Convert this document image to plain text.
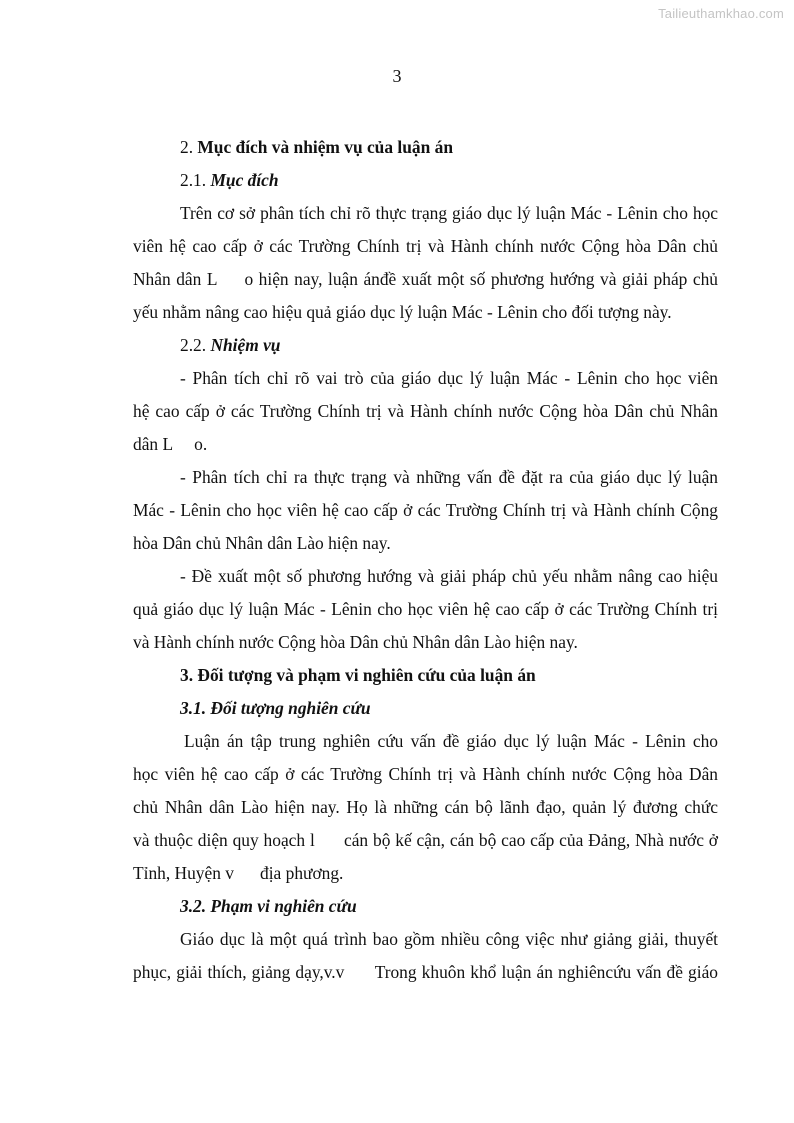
Tailieuthamkhao.com
3

2. Mục đích và nhiệm vụ của luận án

2.1. Mục đích

Trên cơ sở phân tích chỉ rõ thực trạng giáo dục lý luận Mác - Lênin cho học

viên hệ cao cấp ở các Trường Chính trị và Hành chính nước Cộng hòa Dân chủ

Nhân dân L     o hiện nay, luận ánđề xuất một số phương hướng và giải pháp chủ

yếu nhằm nâng cao hiệu quả giáo dục lý luận Mác - Lênin cho đối tượng này.

2.2. Nhiệm vụ

- Phân tích chỉ rõ vai trò của giáo dục lý luận Mác - Lênin cho học viên

hệ cao cấp ở các Trường Chính trị và Hành chính nước Cộng hòa Dân chủ Nhân

dân L     o.

- Phân tích chỉ ra thực trạng và những vấn đề đặt ra của giáo dục lý luận

Mác - Lênin cho học viên hệ cao cấp ở các Trường Chính trị và Hành chính Cộng

hòa Dân chủ Nhân dân Lào hiện nay.

- Đề xuất một số phương hướng và giải pháp chủ yếu nhằm nâng cao hiệu

quả giáo dục lý luận Mác - Lênin cho học viên hệ cao cấp ở các Trường Chính trị

và Hành chính nước Cộng hòa Dân chủ Nhân dân Lào hiện nay.

3. Đối tượng và phạm vi nghiên cứu của luận án

3.1. Đối tượng nghiên cứu

Luận án tập trung nghiên cứu vấn đề giáo dục lý luận Mác - Lênin cho

học viên hệ cao cấp ở các Trường Chính trị và Hành chính nước Cộng hòa Dân

chủ Nhân dân Lào hiện nay. Họ là những cán bộ lãnh đạo, quản lý đương chức

và thuộc diện quy hoạch l      cán bộ kế cận, cán bộ cao cấp của Đảng, Nhà nước ở

Tỉnh, Huyện v      địa phương.

3.2. Phạm vi nghiên cứu

Giáo dục là một quá trình bao gồm nhiều công việc như giảng giải, thuyết

phục, giải thích, giảng dạy,v.v      Trong khuôn khổ luận án nghiêncứu vấn đề giáo
